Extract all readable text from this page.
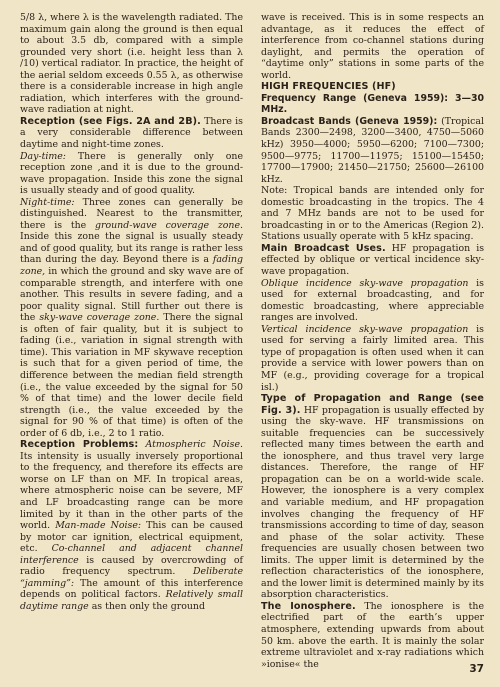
5/8 λ, where λ is the wavelength radiated. The maximum gain along the ground is then equal to about 3.5 db, compared with a simple grounded very short (i.e. height less than λ /10) vertical radiator. In practice, the height of the aerial seldom exceeds 0.55 λ, as otherwise there is a considerable increase in high angle radiation, which interferes with the ground-wave radiation at night.

Reception (see Figs. 2A and 2B). There is a very considerable difference between daytime and night-time zones.

Day-time: There is generally only one reception zone ,and it is due to the ground-wave propagation. Inside this zone the signal is usually steady and of good quality.

Night-time: Three zones can generally be distinguished. Nearest to the transmitter, there is the ground-wave coverage zone. Inside this zone the signal is usually steady and of good quality, but its range is rather less than during the day. Beyond there is a fading zone, in which the ground and sky wave are of comparable strength, and interfere with one another. This results in severe fading, and a poor quality signal. Still further out there is the sky-wave coverage zone. There the signal is often of fair quality, but it is subject to fading (i.e., variation in signal strength with time). This variation in MF skywave reception is such that for a given period of time, the difference between the median field strength (i.e., the value exceeded by the signal for 50 % of that time) and the lower decile field strength (i.e., the value exceeded by the signal for 90 % of that time) is often of the order of 6 db, i.e., 2 to 1 ratio.

Reception Problems: Atmospheric Noise. Its intensity is usually inversely proportional to the frequency, and therefore its effects are worse on LF than on MF. In tropical areas, where atmospheric noise can be severe, MF and LF broadcasting range can be more limited by it than in the other parts of the world. Man-made Noise: This can be caused by motor car ignition, electrical equipment, etc. Co-channel and adjacent channel interference is caused by overcrowding of radio frequency spectrum. Deliberate “jamming”: The amount of this interference depends on political factors. Relatively small daytime range as then only the ground

wave is received. This is in some respects an advantage, as it reduces the effect of interference from co-channel stations during daylight, and permits the operation of “daytime only” stations in some parts of the world.

HIGH FREQUENCIES (HF)

Frequency Range (Geneva 1959): 3—30 MHz.

Broadcast Bands (Geneva 1959): (Tropical Bands 2300—2498, 3200—3400, 4750—5060 kHz) 3950—4000; 5950—6200; 7100—7300; 9500—9775; 11700—11975; 15100—15450; 17700—17900; 21450—21750; 25600—26100 kHz.

Note: Tropical bands are intended only for domestic broadcasting in the tropics. The 4 and 7 MHz bands are not to be used for broadcasting in or to the Americas (Region 2). Stations usually operate with 5 kHz spacing.

Main Broadcast Uses. HF propagation is effected by oblique or vertical incidence sky-wave propagation.

Oblique incidence sky-wave propagation is used for external broadcasting, and for domestic broadcasting, where appreciable ranges are involved.

Vertical incidence sky-wave propagation is used for serving a fairly limited area. This type of propagation is often used when it can provide a service with lower powers than on MF (e.g., providing coverage for a tropical isl.)

Type of Propagation and Range (see Fig. 3). HF propagation is usually effected by using the sky-wave. HF transmissions on suitable frequencies can be successively reflected many times between the earth and the ionosphere, and thus travel very large distances. Therefore, the range of HF propagation can be on a world-wide scale. However, the ionosphere is a very complex and variable medium, and HF propagation involves changing the frequency of HF transmissions according to time of day, season and phase of the solar activity. These frequencies are usually chosen between two limits. The upper limit is determined by the reflection characteristics of the ionosphere, and the lower limit is determined mainly by its absorption characteristics.

The Ionosphere. The ionosphere is the electrified part of the earth’s upper atmosphere, extending upwards from about 50 km. above the earth. It is mainly the solar extreme ultraviolet and x-ray radiations which »ionise« the	37
